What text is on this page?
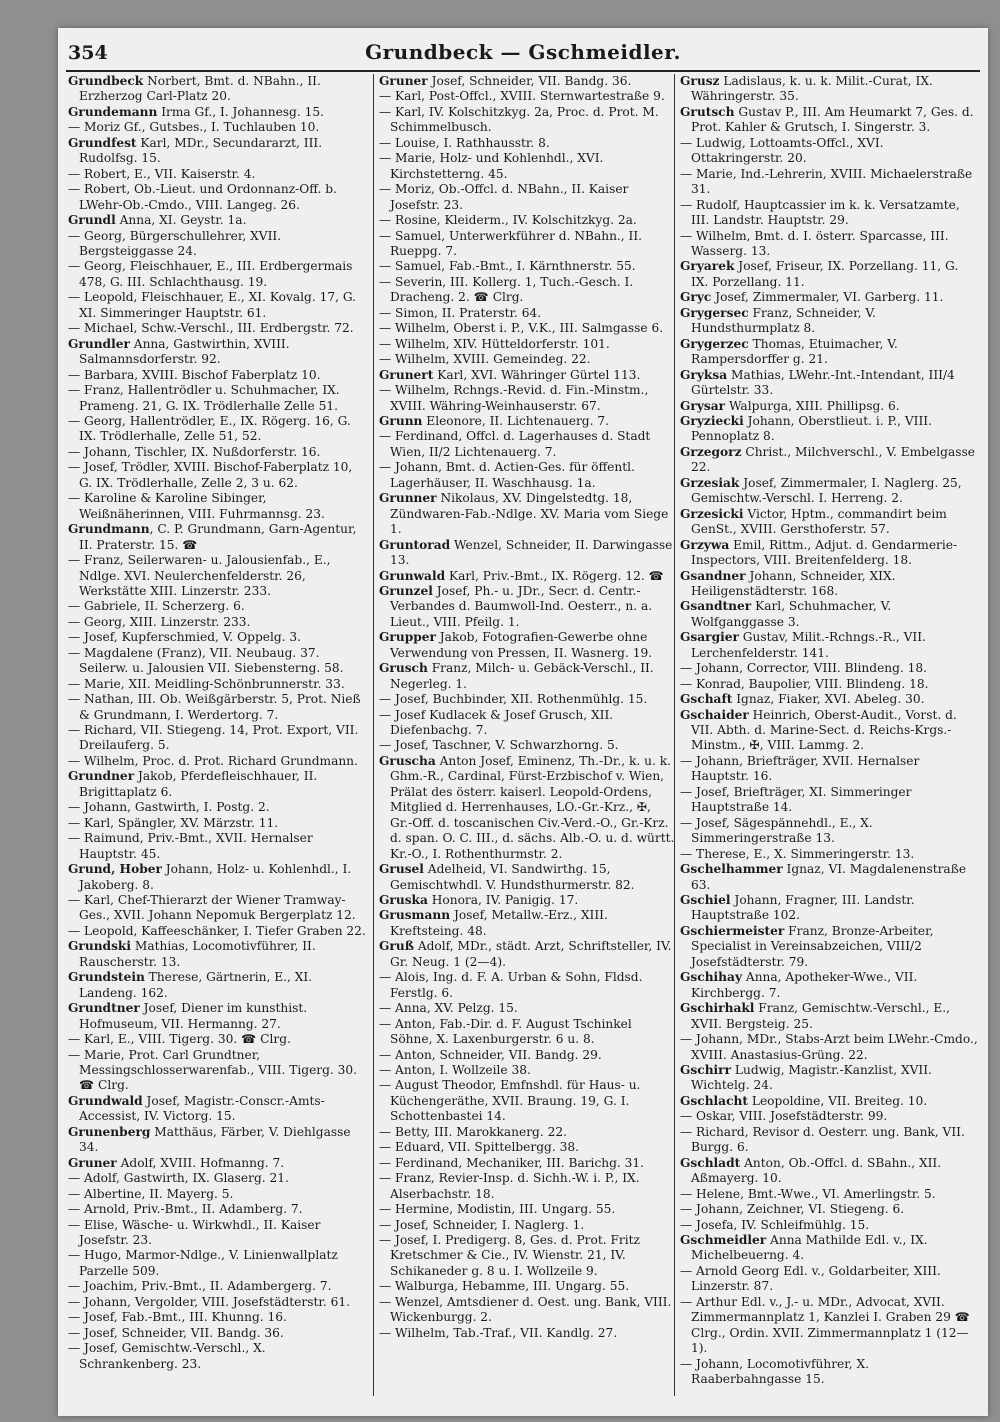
354	Grundbeck — Gschmeidler.

Grundbeck Norbert, Bmt. d. NBahn., II. Erzherzog Carl-Platz 20.

Grundemann Irma Gf., I. Johannesg. 15.

— Moriz Gf., Gutsbes., I. Tuchlauben 10.

Grundfest Karl, MDr., Secundararzt, III. Rudolfsg. 15.

— Robert, E., VII. Kaiserstr. 4.

— Robert, Ob.-Lieut. und Ordonnanz-Off. b. LWehr-Ob.-Cmdo., VIII. Langeg. 26.

Grundl Anna, XI. Geystr. 1a.

— Georg, Bürgerschullehrer, XVII. Bergsteiggasse 24.

— Georg, Fleischhauer, E., III. Erdbergermais 478, G. III. Schlachthausg. 19.

— Leopold, Fleischhauer, E., XI. Kovalg. 17, G. XI. Simmeringer Hauptstr. 61.

— Michael, Schw.-Verschl., III. Erdbergstr. 72.

Grundler Anna, Gastwirthin, XVIII. Salmannsdorferstr. 92.

— Barbara, XVIII. Bischof Faberplatz 10.

— Franz, Hallentrödler u. Schuhmacher, IX. Prameng. 21, G. IX. Trödlerhalle Zelle 51.

— Georg, Hallentrödler, E., IX. Rögerg. 16, G. IX. Trödlerhalle, Zelle 51, 52.

— Johann, Tischler, IX. Nußdorferstr. 16.

— Josef, Trödler, XVIII. Bischof-Faberplatz 10, G. IX. Trödlerhalle, Zelle 2, 3 u. 62.

— Karoline & Karoline Sibinger, Weißnäherinnen, VIII. Fuhrmannsg. 23.

Grundmann, C. P. Grundmann, Garn-Agentur, II. Praterstr. 15. ☎

— Franz, Seilerwaren- u. Jalousienfab., E., Ndlge. XVI. Neulerchenfelderstr. 26, Werkstätte XIII. Linzerstr. 233.

— Gabriele, II. Scherzerg. 6.

— Georg, XIII. Linzerstr. 233.

— Josef, Kupferschmied, V. Oppelg. 3.

— Magdalene (Franz), VII. Neubaug. 37. Seilerw. u. Jalousien VII. Siebensterng. 58.

— Marie, XII. Meidling-Schönbrunnerstr. 33.

— Nathan, III. Ob. Weißgärberstr. 5, Prot. Nieß & Grundmann, I. Werdertorg. 7.

— Richard, VII. Stiegeng. 14, Prot. Export, VII. Dreilauferg. 5.

— Wilhelm, Proc. d. Prot. Richard Grundmann.

Grundner Jakob, Pferdefleischhauer, II. Brigittaplatz 6.

— Johann, Gastwirth, I. Postg. 2.

— Karl, Spängler, XV. Märzstr. 11.

— Raimund, Priv.-Bmt., XVII. Hernalser Hauptstr. 45.

Grund, Hober Johann, Holz- u. Kohlenhdl., I. Jakoberg. 8.

— Karl, Chef-Thierarzt der Wiener Tramway-Ges., XVII. Johann Nepomuk Bergerplatz 12.

— Leopold, Kaffeeschänker, I. Tiefer Graben 22.

Grundski Mathias, Locomotivführer, II. Rauscherstr. 13.

Grundstein Therese, Gärtnerin, E., XI. Landeng. 162.

Grundtner Josef, Diener im kunsthist. Hofmuseum, VII. Hermanng. 27.

— Karl, E., VIII. Tigerg. 30. ☎ Clrg.

— Marie, Prot. Carl Grundtner, Messingschlosserwarenfab., VIII. Tigerg. 30. ☎ Clrg.

Grundwald Josef, Magistr.-Conscr.-Amts-Accessist, IV. Victorg. 15.

Grunenberg Matthäus, Färber, V. Diehlgasse 34.

Gruner Adolf, XVIII. Hofmanng. 7.

— Adolf, Gastwirth, IX. Glaserg. 21.

— Albertine, II. Mayerg. 5.

— Arnold, Priv.-Bmt., II. Adamberg. 7.

— Elise, Wäsche- u. Wirkwhdl., II. Kaiser Josefstr. 23.

— Hugo, Marmor-Ndlge., V. Linienwallplatz Parzelle 509.

— Joachim, Priv.-Bmt., II. Adambergerg. 7.

— Johann, Vergolder, VIII. Josefstädterstr. 61.

— Josef, Fab.-Bmt., III. Khunng. 16.

— Josef, Schneider, VII. Bandg. 36.

— Josef, Gemischtw.-Verschl., X. Schrankenberg. 23.

Gruner Josef, Schneider, VII. Bandg. 36.

— Karl, Post-Offcl., XVIII. Sternwartestraße 9.

— Karl, IV. Kolschitzkyg. 2a, Proc. d. Prot. M. Schimmelbusch.

— Louise, I. Rathhausstr. 8.

— Marie, Holz- und Kohlenhdl., XVI. Kirchstetterng. 45.

— Moriz, Ob.-Offcl. d. NBahn., II. Kaiser Josefstr. 23.

— Rosine, Kleiderm., IV. Kolschitzkyg. 2a.

— Samuel, Unterwerkführer d. NBahn., II. Rueppg. 7.

— Samuel, Fab.-Bmt., I. Kärnthnerstr. 55.

— Severin, III. Kollerg. 1, Tuch.-Gesch. I. Dracheng. 2. ☎ Clrg.

— Simon, II. Praterstr. 64.

— Wilhelm, Oberst i. P., V.K., III. Salmgasse 6.

— Wilhelm, XIV. Hütteldorferstr. 101.

— Wilhelm, XVIII. Gemeindeg. 22.

Grunert Karl, XVI. Währinger Gürtel 113.

— Wilhelm, Rchngs.-Revid. d. Fin.-Minstm., XVIII. Währing-Weinhauserstr. 67.

Grunn Eleonore, II. Lichtenauerg. 7.

— Ferdinand, Offcl. d. Lagerhauses d. Stadt Wien, II/2 Lichtenauerg. 7.

— Johann, Bmt. d. Actien-Ges. für öffentl. Lagerhäuser, II. Waschhausg. 1a.

Grunner Nikolaus, XV. Dingelstedtg. 18, Zündwaren-Fab.-Ndlge. XV. Maria vom Siege 1.

Gruntorad Wenzel, Schneider, II. Darwingasse 13.

Grunwald Karl, Priv.-Bmt., IX. Rögerg. 12. ☎

Grunzel Josef, Ph.- u. JDr., Secr. d. Centr.-Verbandes d. Baumwoll-Ind. Oesterr., n. a. Lieut., VIII. Pfeilg. 1.

Grupper Jakob, Fotografien-Gewerbe ohne Verwendung von Pressen, II. Wasnerg. 19.

Grusch Franz, Milch- u. Gebäck-Verschl., II. Negerleg. 1.

— Josef, Buchbinder, XII. Rothenmühlg. 15.

— Josef Kudlacek & Josef Grusch, XII. Diefenbachg. 7.

— Josef, Taschner, V. Schwarzhorng. 5.

Gruscha Anton Josef, Eminenz, Th.-Dr., k. u. k. Ghm.-R., Cardinal, Fürst-Erzbischof v. Wien, Prälat des österr. kaiserl. Leopold-Ordens, Mitglied d. Herrenhauses, LO.-Gr.-Krz., ✠, Gr.-Off. d. toscanischen Civ.-Verd.-O., Gr.-Krz. d. span. O. C. III., d. sächs. Alb.-O. u. d. württ. Kr.-O., I. Rothenthurmstr. 2.

Grusel Adelheid, VI. Sandwirthg. 15, Gemischtwhdl. V. Hundsthurmerstr. 82.

Gruska Honora, IV. Panigig. 17.

Grusmann Josef, Metallw.-Erz., XIII. Kreftsteing. 48.

Gruß Adolf, MDr., städt. Arzt, Schriftsteller, IV. Gr. Neug. 1 (2—4).

— Alois, Ing. d. F. A. Urban & Sohn, Fldsd. Ferstlg. 6.

— Anna, XV. Pelzg. 15.

— Anton, Fab.-Dir. d. F. August Tschinkel Söhne, X. Laxenburgerstr. 6 u. 8.

— Anton, Schneider, VII. Bandg. 29.

— Anton, I. Wollzeile 38.

— August Theodor, Emfnshdl. für Haus- u. Küchengeräthe, XVII. Braung. 19, G. I. Schottenbastei 14.

— Betty, III. Marokkanerg. 22.

— Eduard, VII. Spittelbergg. 38.

— Ferdinand, Mechaniker, III. Barichg. 31.

— Franz, Revier-Insp. d. Sichh.-W. i. P., IX. Alserbachstr. 18.

— Hermine, Modistin, III. Ungarg. 55.

— Josef, Schneider, I. Naglerg. 1.

— Josef, I. Predigerg. 8, Ges. d. Prot. Fritz Kretschmer & Cie., IV. Wienstr. 21, IV. Schikaneder g. 8 u. I. Wollzeile 9.

— Walburga, Hebamme, III. Ungarg. 55.

— Wenzel, Amtsdiener d. Oest. ung. Bank, VIII. Wickenburgg. 2.

— Wilhelm, Tab.-Traf., VII. Kandlg. 27.

Grusz Ladislaus, k. u. k. Milit.-Curat, IX. Währingerstr. 35.

Grutsch Gustav P., III. Am Heumarkt 7, Ges. d. Prot. Kahler & Grutsch, I. Singerstr. 3.

— Ludwig, Lottoamts-Offcl., XVI. Ottakringerstr. 20.

— Marie, Ind.-Lehrerin, XVIII. Michaelerstraße 31.

— Rudolf, Hauptcassier im k. k. Versatzamte, III. Landstr. Hauptstr. 29.

— Wilhelm, Bmt. d. I. österr. Sparcasse, III. Wasserg. 13.

Gryarek Josef, Friseur, IX. Porzellang. 11, G. IX. Porzellang. 11.

Gryc Josef, Zimmermaler, VI. Garberg. 11.

Grygersec Franz, Schneider, V. Hundsthurmplatz 8.

Grygerzec Thomas, Etuimacher, V. Rampersdorffer g. 21.

Gryksa Mathias, LWehr.-Int.-Intendant, III/4 Gürtelstr. 33.

Grysar Walpurga, XIII. Phillipsg. 6.

Gryziecki Johann, Oberstlieut. i. P., VIII. Pennoplatz 8.

Grzegorz Christ., Milchverschl., V. Embelgasse 22.

Grzesiak Josef, Zimmermaler, I. Naglerg. 25, Gemischtw.-Verschl. I. Herreng. 2.

Grzesicki Victor, Hptm., commandirt beim GenSt., XVIII. Gersthoferstr. 57.

Grzywa Emil, Rittm., Adjut. d. Gendarmerie-Inspectors, VIII. Breitenfelderg. 18.

Gsandner Johann, Schneider, XIX. Heiligenstädterstr. 168.

Gsandtner Karl, Schuhmacher, V. Wolfganggasse 3.

Gsargier Gustav, Milit.-Rchngs.-R., VII. Lerchenfelderstr. 141.

— Johann, Corrector, VIII. Blindeng. 18.

— Konrad, Baupolier, VIII. Blindeng. 18.

Gschaft Ignaz, Fiaker, XVI. Abeleg. 30.

Gschaider Heinrich, Oberst-Audit., Vorst. d. VII. Abth. d. Marine-Sect. d. Reichs-Krgs.-Minstm., ✠, VIII. Lammg. 2.

— Johann, Briefträger, XVII. Hernalser Hauptstr. 16.

— Josef, Briefträger, XI. Simmeringer Hauptstraße 14.

— Josef, Sägespännehdl., E., X. Simmeringerstraße 13.

— Therese, E., X. Simmeringerstr. 13.

Gschelhammer Ignaz, VI. Magdalenenstraße 63.

Gschiel Johann, Fragner, III. Landstr. Hauptstraße 102.

Gschiermeister Franz, Bronze-Arbeiter, Specialist in Vereinsabzeichen, VIII/2 Josefstädterstr. 79.

Gschihay Anna, Apotheker-Wwe., VII. Kirchbergg. 7.

Gschirhakl Franz, Gemischtw.-Verschl., E., XVII. Bergsteig. 25.

— Johann, MDr., Stabs-Arzt beim LWehr.-Cmdo., XVIII. Anastasius-Grüng. 22.

Gschirr Ludwig, Magistr.-Kanzlist, XVII. Wichtelg. 24.

Gschlacht Leopoldine, VII. Breiteg. 10.

— Oskar, VIII. Josefstädterstr. 99.

— Richard, Revisor d. Oesterr. ung. Bank, VII. Burgg. 6.

Gschladt Anton, Ob.-Offcl. d. SBahn., XII. Aßmayerg. 10.

— Helene, Bmt.-Wwe., VI. Amerlingstr. 5.

— Johann, Zeichner, VI. Stiegeng. 6.

— Josefa, IV. Schleifmühlg. 15.

Gschmeidler Anna Mathilde Edl. v., IX. Michelbeuerng. 4.

— Arnold Georg Edl. v., Goldarbeiter, XIII. Linzerstr. 87.

— Arthur Edl. v., J.- u. MDr., Advocat, XVII. Zimmermannplatz 1, Kanzlei I. Graben 29 ☎ Clrg., Ordin. XVII. Zimmermannplatz 1 (12—1).

— Johann, Locomotivführer, X. Raaberbahngasse 15.
